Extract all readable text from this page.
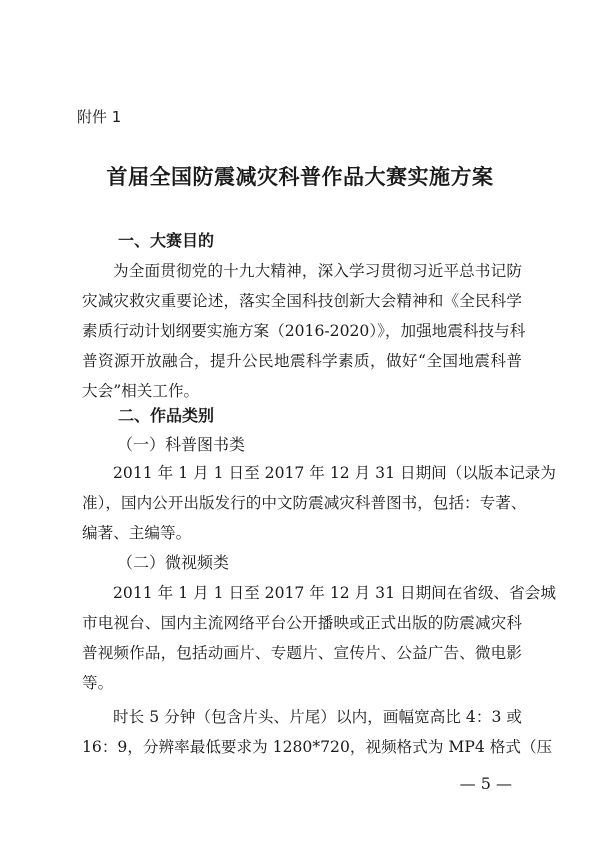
附件 1
首届全国防震减灾科普作品大赛实施方案
一、大赛目的
为全面贯彻党的十九大精神，深入学习贯彻习近平总书记防
灾减灾救灾重要论述，落实全国科技创新大会精神和《全民科学
素质行动计划纲要实施方案（2016-2020）》，加强地震科技与科
普资源开放融合，提升公民地震科学素质，做好“全国地震科普
大会”相关工作。
二、作品类别
（一）科普图书类
2011 年 1 月 1 日至 2017 年 12 月 31 日期间（以版本记录为
准），国内公开出版发行的中文防震减灾科普图书，包括：专著、
编著、主编等。
（二）微视频类
2011 年 1 月 1 日至 2017 年 12 月 31 日期间在省级、省会城
市电视台、国内主流网络平台公开播映或正式出版的防震减灾科
普视频作品，包括动画片、专题片、宣传片、公益广告、微电影
等。
时长 5 分钟（包含片头、片尾）以内，画幅宽高比 4：3 或
16：9，分辨率最低要求为 1280*720，视频格式为 MP4 格式（压
— 5 —
